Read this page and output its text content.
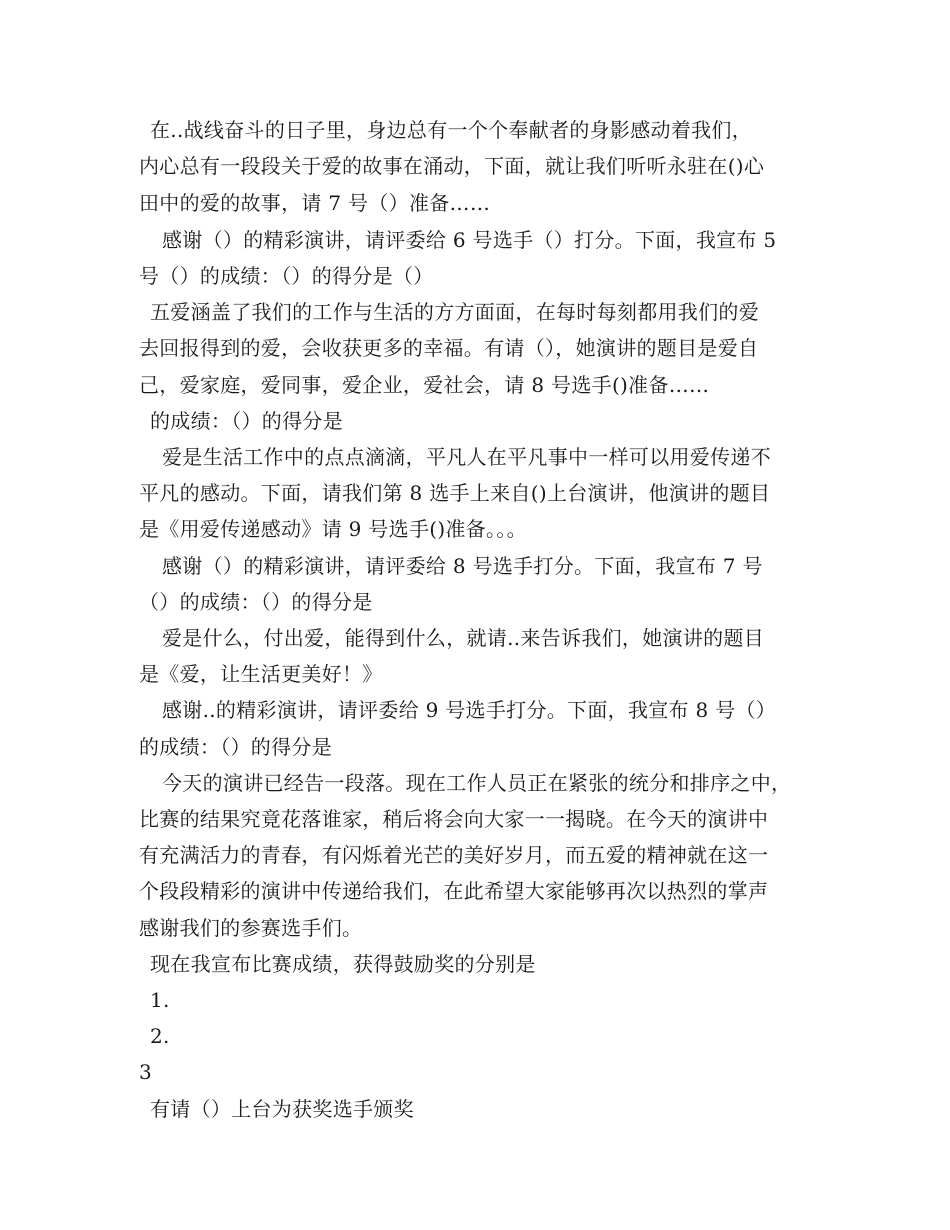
在..战线奋斗的日子里，身边总有一个个奉献者的身影感动着我们，
内心总有一段段关于爱的故事在涌动，下面，就让我们听听永驻在()心
田中的爱的故事，请 7 号（）准备……
感谢（）的精彩演讲，请评委给 6 号选手（）打分。下面，我宣布 5
号（）的成绩：（）的得分是（）
五爱涵盖了我们的工作与生活的方方面面，在每时每刻都用我们的爱
去回报得到的爱，会收获更多的幸福。有请（），她演讲的题目是爱自
己，爱家庭，爱同事，爱企业，爱社会，请 8 号选手()准备……
的成绩：（）的得分是
爱是生活工作中的点点滴滴，平凡人在平凡事中一样可以用爱传递不
平凡的感动。下面，请我们第 8 选手上来自()上台演讲，他演讲的题目
是《用爱传递感动》请 9 号选手()准备。。。
感谢（）的精彩演讲，请评委给 8 号选手打分。下面，我宣布 7 号
（）的成绩：（）的得分是
爱是什么，付出爱，能得到什么，就请..来告诉我们，她演讲的题目
是《爱，让生活更美好！》
感谢..的精彩演讲，请评委给 9 号选手打分。下面，我宣布 8 号（）
的成绩：（）的得分是
今天的演讲已经告一段落。现在工作人员正在紧张的统分和排序之中，
比赛的结果究竟花落谁家，稍后将会向大家一一揭晓。在今天的演讲中
有充满活力的青春，有闪烁着光芒的美好岁月，而五爱的精神就在这一
个段段精彩的演讲中传递给我们，在此希望大家能够再次以热烈的掌声
感谢我们的参赛选手们。
现在我宣布比赛成绩，获得鼓励奖的分别是
1.
2.
3
有请（）上台为获奖选手颁奖
